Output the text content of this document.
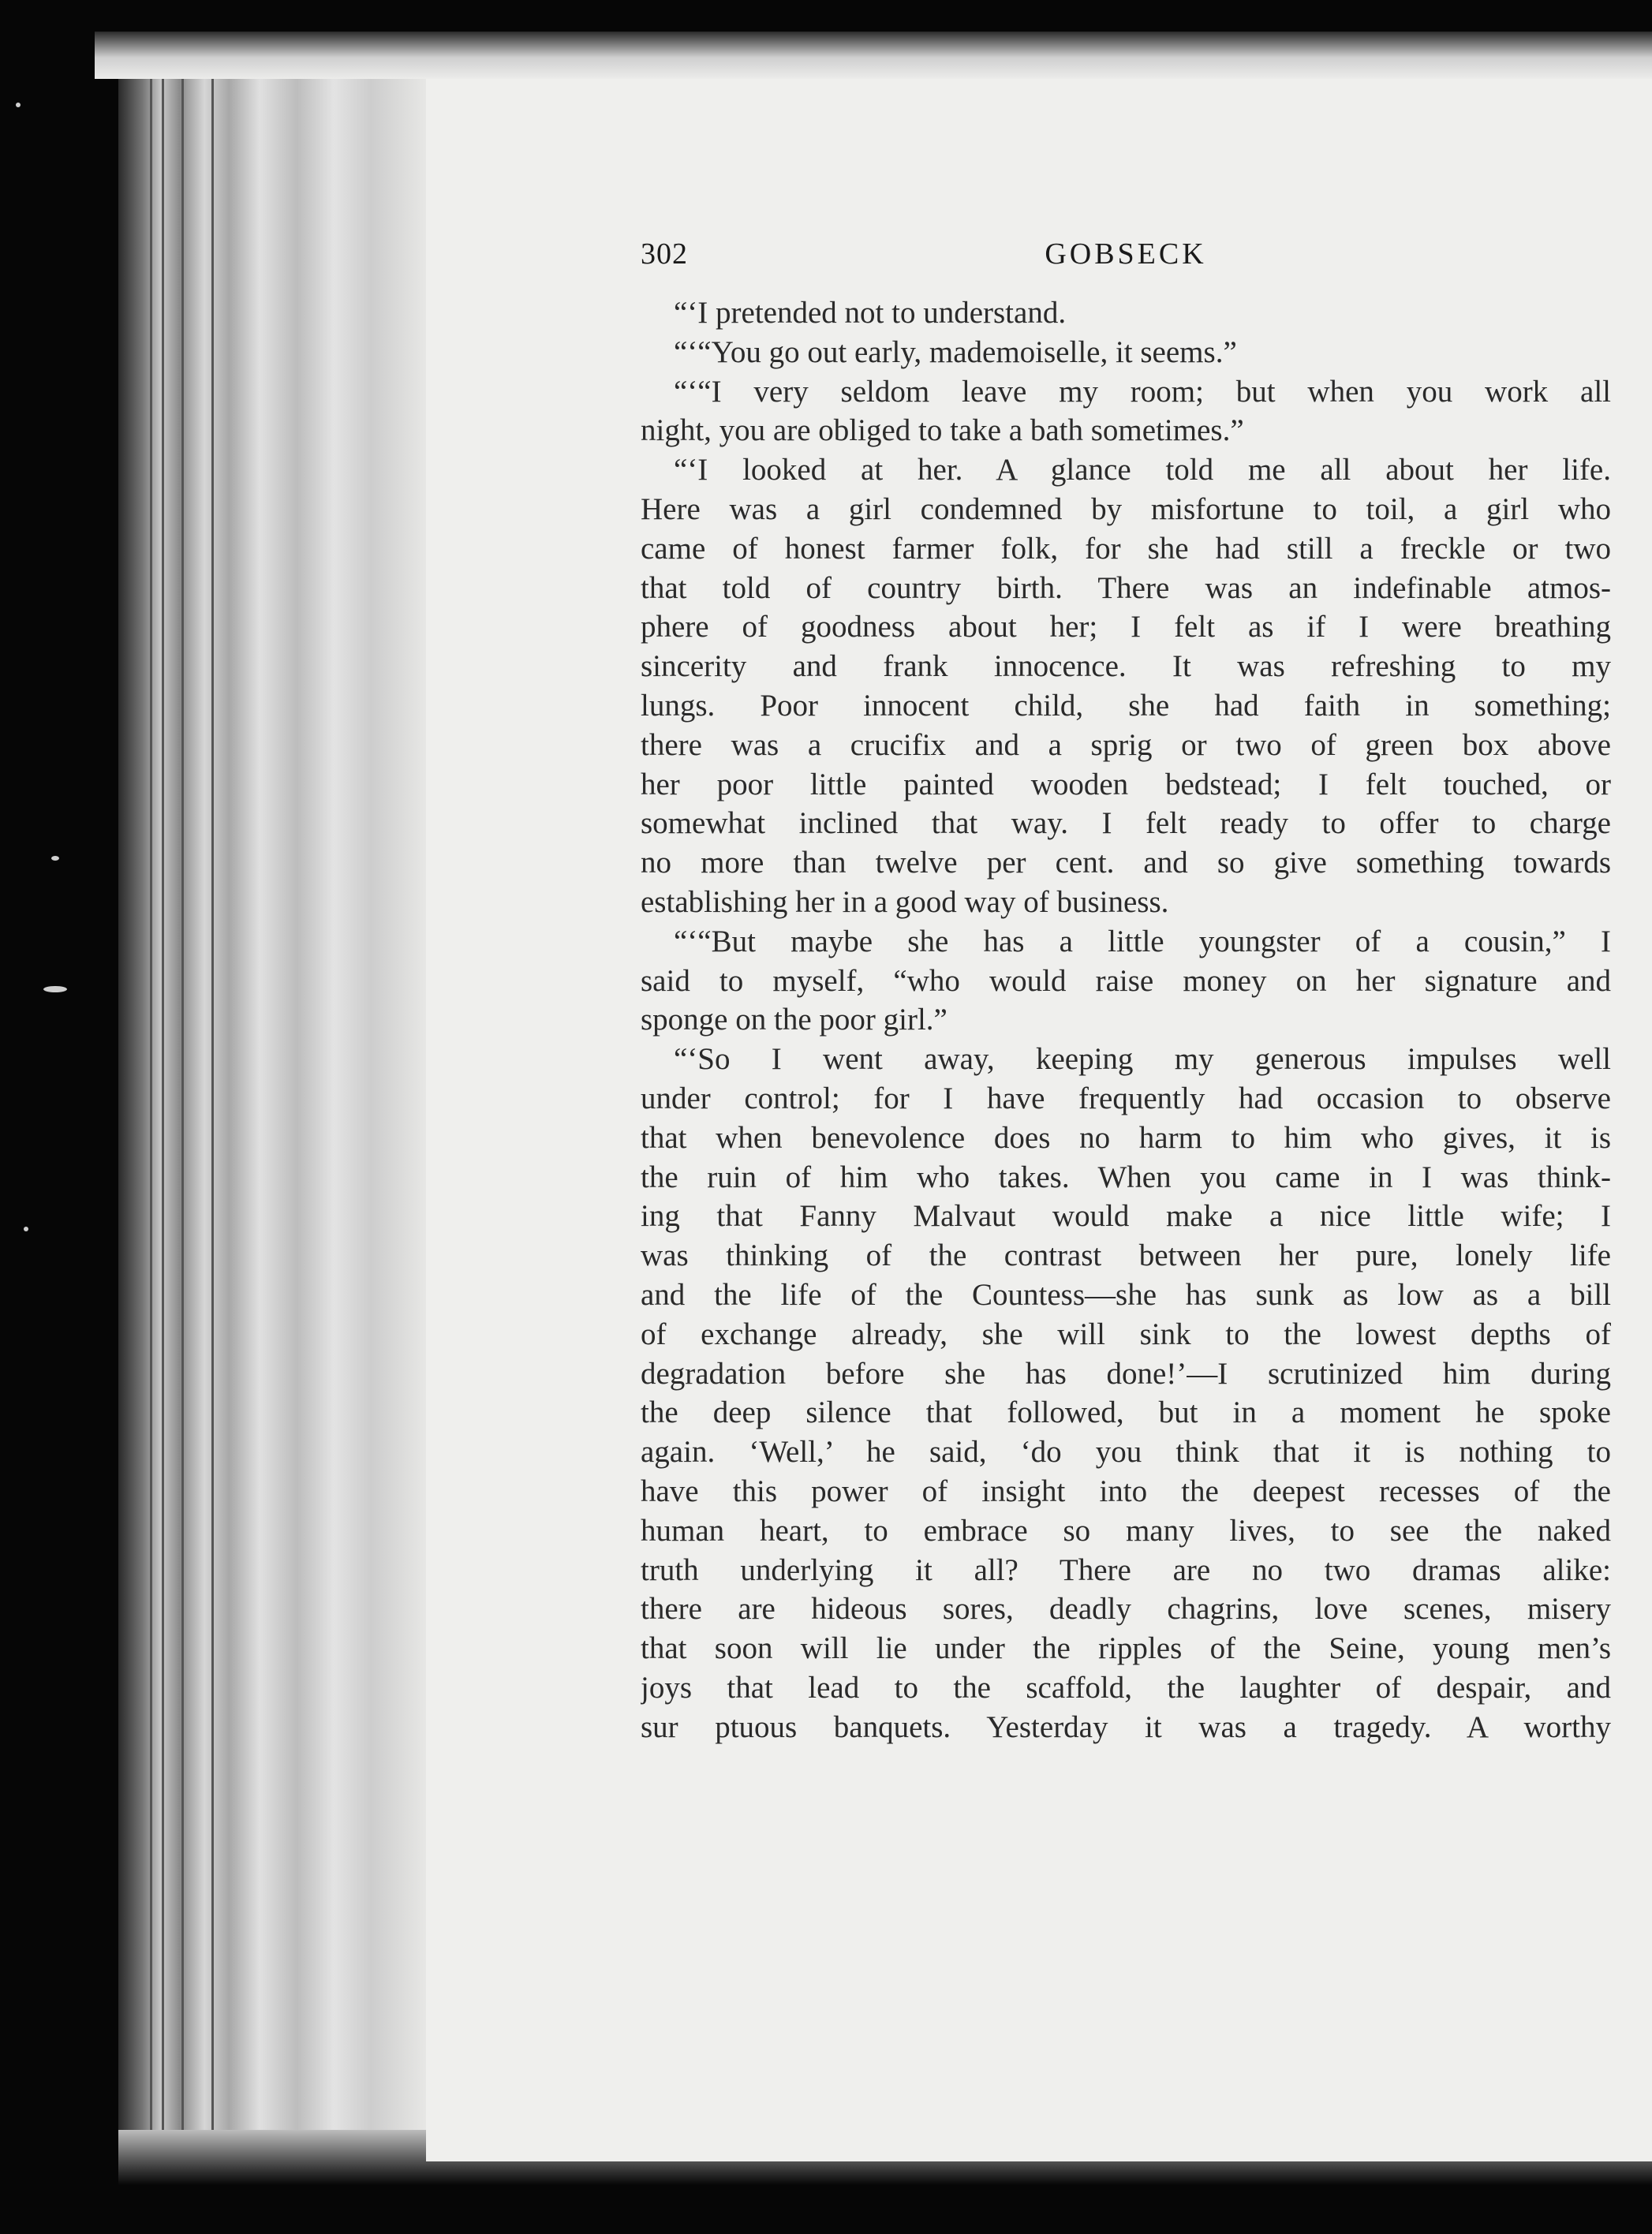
302	GOBSECK
“‘I pretended not to understand.
“‘“You go out early, mademoiselle, it seems.”
“‘“I very seldom leave my room; but when you work all
night, you are obliged to take a bath sometimes.”
“‘I looked at her. A glance told me all about her life.
Here was a girl condemned by misfortune to toil, a girl who
came of honest farmer folk, for she had still a freckle or two
that told of country birth. There was an indefinable atmos-
phere of goodness about her; I felt as if I were breathing
sincerity and frank innocence. It was refreshing to my
lungs. Poor innocent child, she had faith in something;
there was a crucifix and a sprig or two of green box above
her poor little painted wooden bedstead; I felt touched, or
somewhat inclined that way. I felt ready to offer to charge
no more than twelve per cent. and so give something towards
establishing her in a good way of business.
“‘“But maybe she has a little youngster of a cousin,” I
said to myself, “who would raise money on her signature and
sponge on the poor girl.”
“‘So I went away, keeping my generous impulses well
under control; for I have frequently had occasion to observe
that when benevolence does no harm to him who gives, it is
the ruin of him who takes. When you came in I was think-
ing that Fanny Malvaut would make a nice little wife; I
was thinking of the contrast between her pure, lonely life
and the life of the Countess—she has sunk as low as a bill
of exchange already, she will sink to the lowest depths of
degradation before she has done!’—I scrutinized him during
the deep silence that followed, but in a moment he spoke
again. ‘Well,’ he said, ‘do you think that it is nothing to
have this power of insight into the deepest recesses of the
human heart, to embrace so many lives, to see the naked
truth underlying it all? There are no two dramas alike:
there are hideous sores, deadly chagrins, love scenes, misery
that soon will lie under the ripples of the Seine, young men’s
joys that lead to the scaffold, the laughter of despair, and
sur ptuous banquets. Yesterday it was a tragedy. A worthy
